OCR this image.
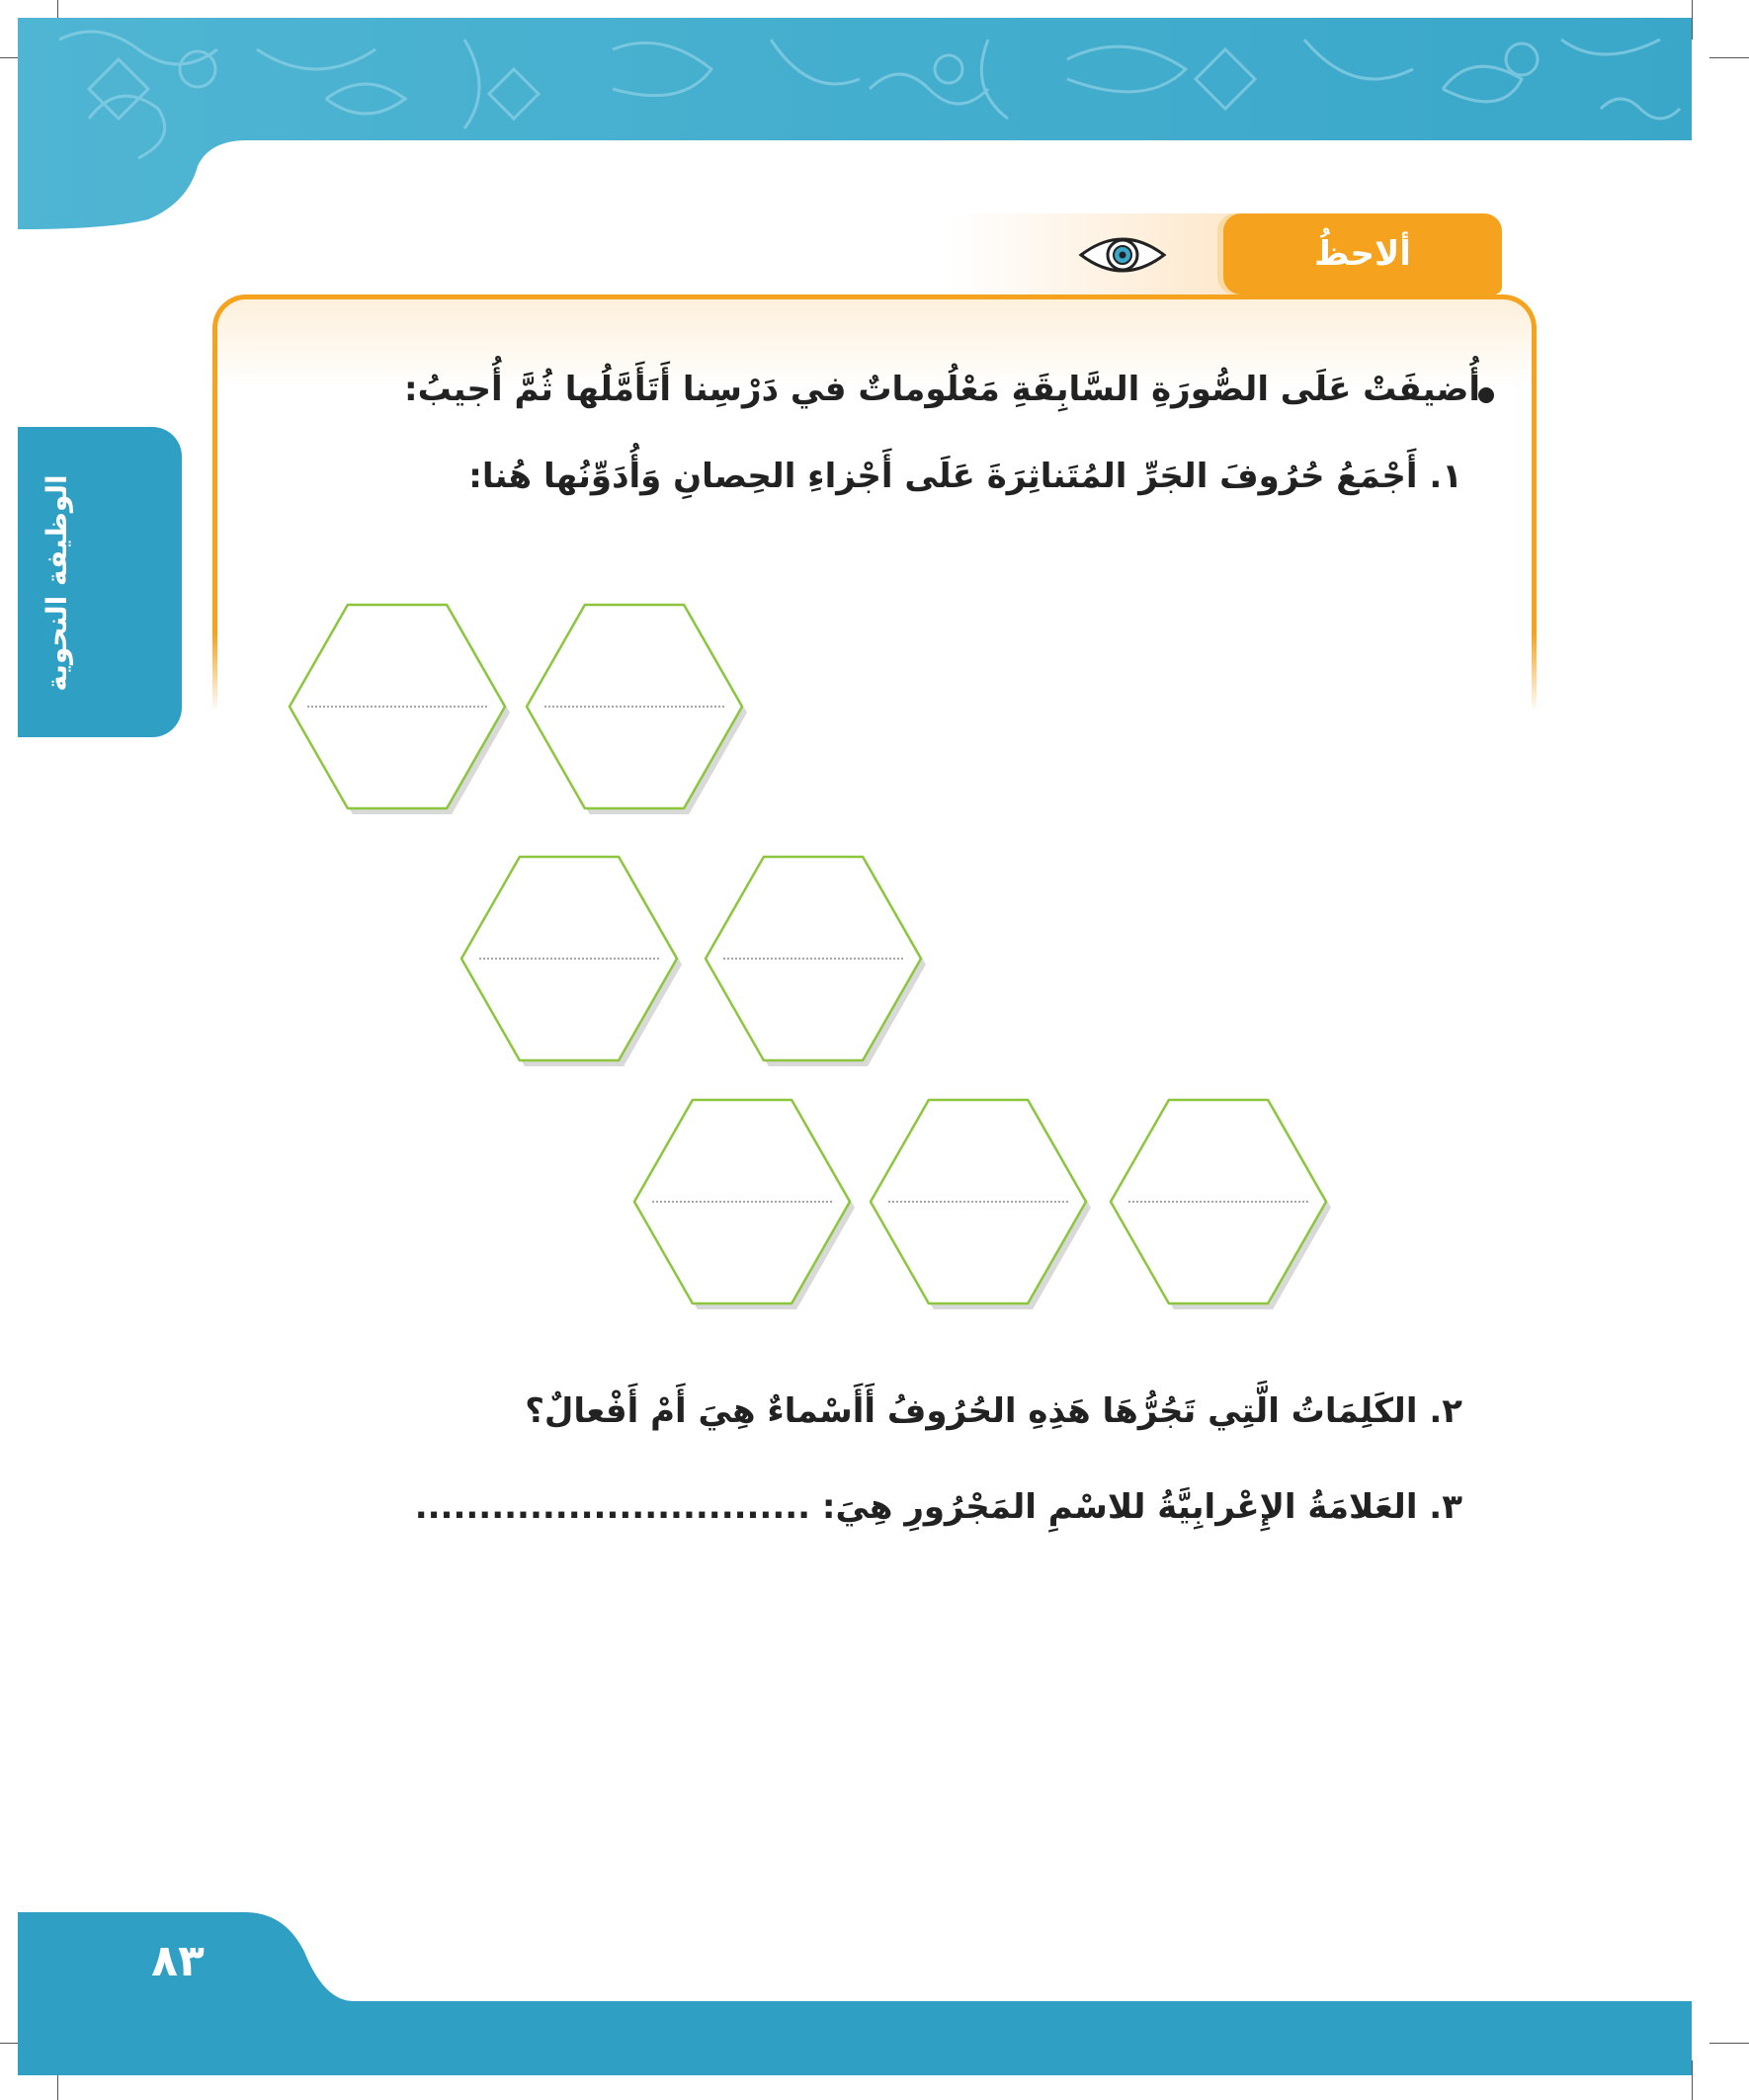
الوظيفة النحوية
ألاحظُ
أُضيفَتْ عَلَى الصُّورَةِ السَّابِقَةِ مَعْلُوماتٌ في دَرْسِنا أَتَأَمَّلُها ثُمَّ أُجيبُ:
١. أَجْمَعُ حُرُوفَ الجَرِّ المُتَناثِرَةَ عَلَى أَجْزاءِ الحِصانِ وَأُدَوِّنُها هُنا:
٢. الكَلِمَاتُ الَّتِي تَجُرُّهَا هَذِهِ الحُرُوفُ أَأَسْماءٌ هِيَ أَمْ أَفْعالٌ؟
٣. العَلامَةُ الإِعْرابِيَّةُ للاسْمِ المَجْرُورِ هِيَ: ...............................
٨٣
